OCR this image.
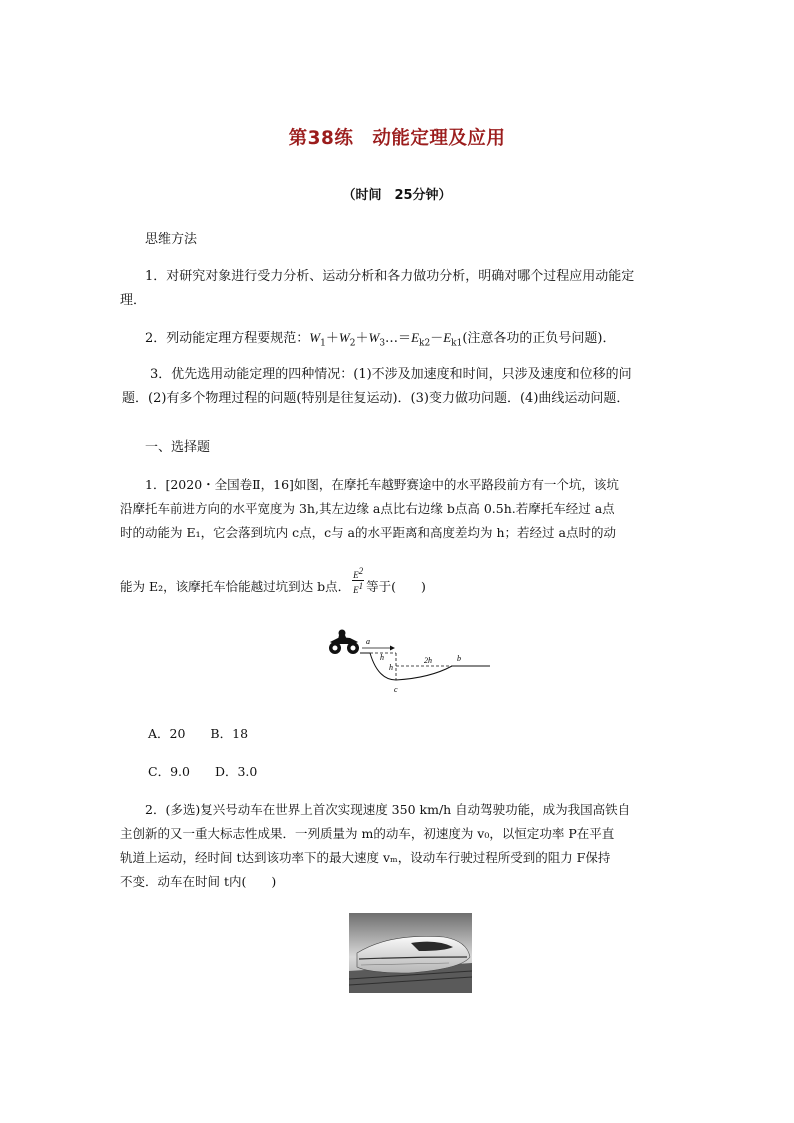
第38练　动能定理及应用
（时间　25分钟）
思维方法
1．对研究对象进行受力分析、运动分析和各力做功分析，明确对哪个过程应用动能定
理．
2．列动能定理方程要规范：$W_1+W_2+W_3\dots=E_{k2}-E_{k1}$(注意各功的正负号问题)．
3．优先选用动能定理的四种情况：(1)不涉及加速度和时间，只涉及速度和位移的问
题．(2)有多个物理过程的问题(特别是往复运动)．(3)变力做功问题．(4)曲线运动问题．
一、选择题
1．[2020・全国卷Ⅱ，16]如图，在摩托车越野赛途中的水平路段前方有一个坑，该坑
沿摩托车前进方向的水平宽度为 3h,其左边缘 a点比右边缘 b点高 0.5h.若摩托车经过 a点
时的动能为 E₁，它会落到坑内 c点，c与 a的水平距离和高度差均为 h；若经过 a点时的动
能为 E₂，该摩托车恰能越过坑到达 b点． $\frac{E^2}{E^1}$ 等于(　　)
a
b
c
h
h
2h
A．20　　B．18
C．9.0　　D．3.0
2．(多选)复兴号动车在世界上首次实现速度 350 km/h 自动驾驶功能，成为我国高铁自
主创新的又一重大标志性成果．一列质量为 m的动车，初速度为 v₀，以恒定功率 P在平直
轨道上运动，经时间 t达到该功率下的最大速度 vₘ，设动车行驶过程所受到的阻力 F保持
不变．动车在时间 t内(　　)
